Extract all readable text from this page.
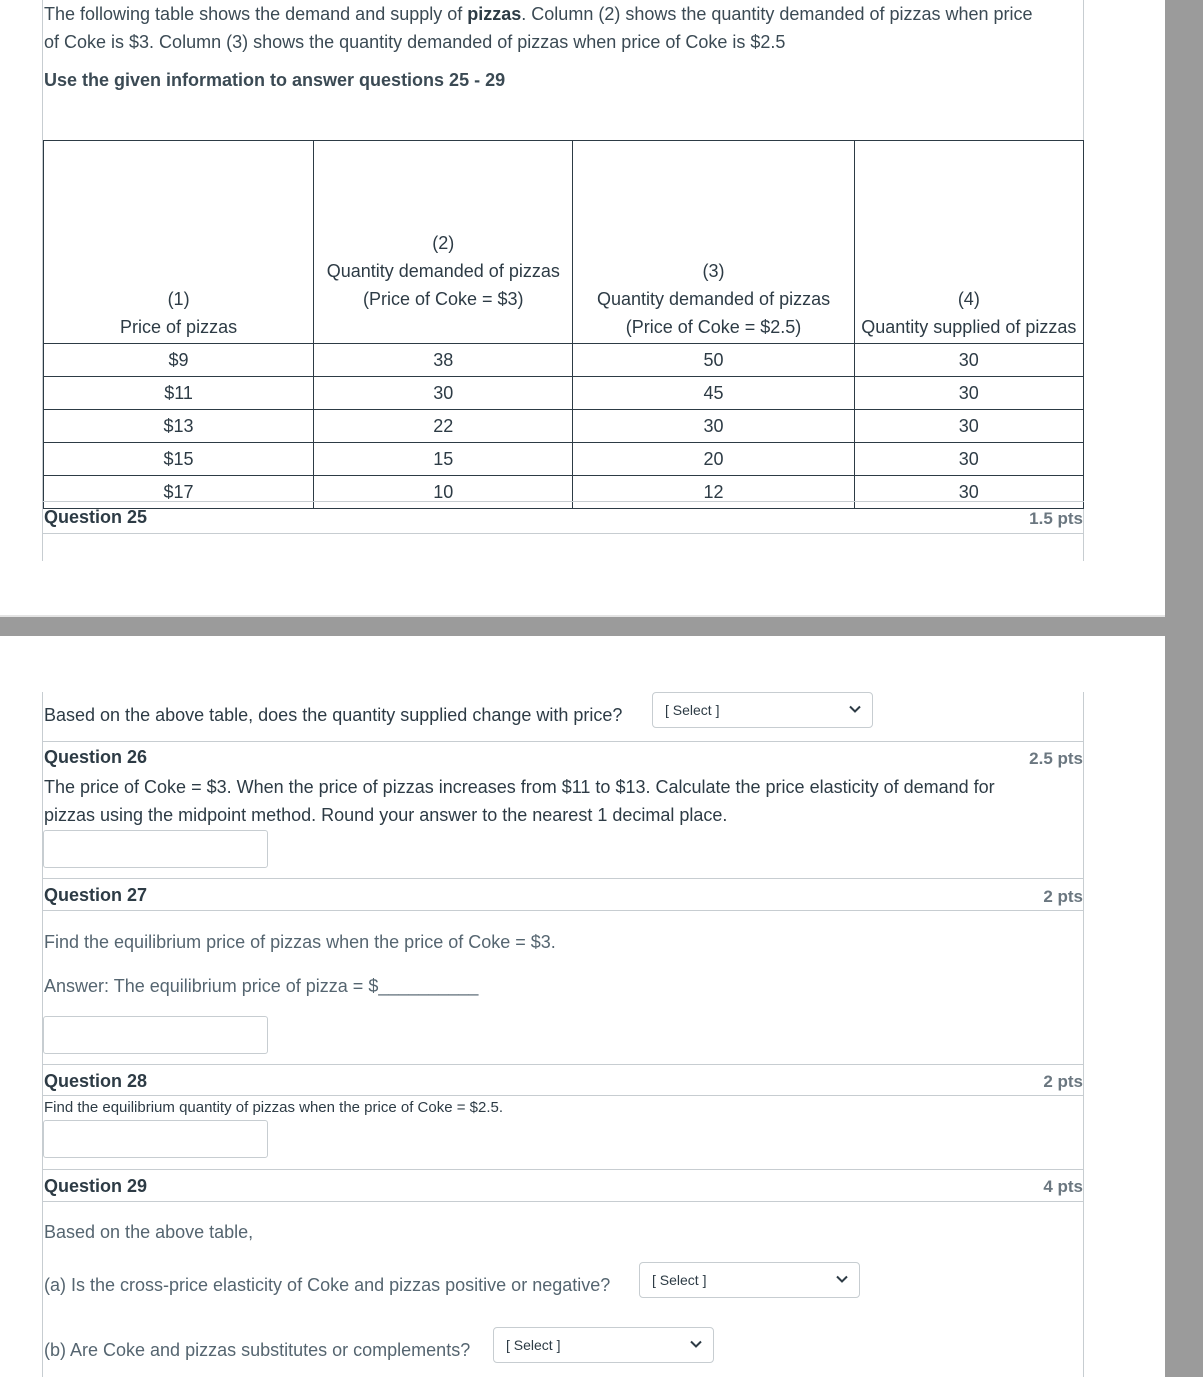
The following table shows the demand and supply of pizzas. Column (2) shows the quantity demanded of pizzas when price
of Coke is $3. Column (3) shows the quantity demanded of pizzas when price of Coke is $2.5
Use the given information to answer questions 25 - 29
(1)
Price of pizzas	(2)
Quantity demanded of pizzas
(Price of Coke = $3)	(3)
Quantity demanded of pizzas
(Price of Coke = $2.5)	(4)
Quantity supplied of pizzas
$9	38	50	30
$11	30	45	30
$13	22	30	30
$15	15	20	30
$17	10	12	30
Question 25	1.5 pts
Based on the above table, does the quantity supplied change with price?	[ Select ]
Question 26	2.5 pts
The price of Coke = $3. When the price of pizzas increases from $11 to $13. Calculate the price elasticity of demand for
pizzas using the midpoint method. Round your answer to the nearest 1 decimal place.
Question 27	2 pts
Find the equilibrium price of pizzas when the price of Coke = $3.
Answer: The equilibrium price of pizza = $__________
Question 28	2 pts
Find the equilibrium quantity of pizzas when the price of Coke = $2.5.
Question 29	4 pts
Based on the above table,
(a) Is the cross-price elasticity of Coke and pizzas positive or negative?	[ Select ]
(b) Are Coke and pizzas substitutes or complements?	[ Select ]
